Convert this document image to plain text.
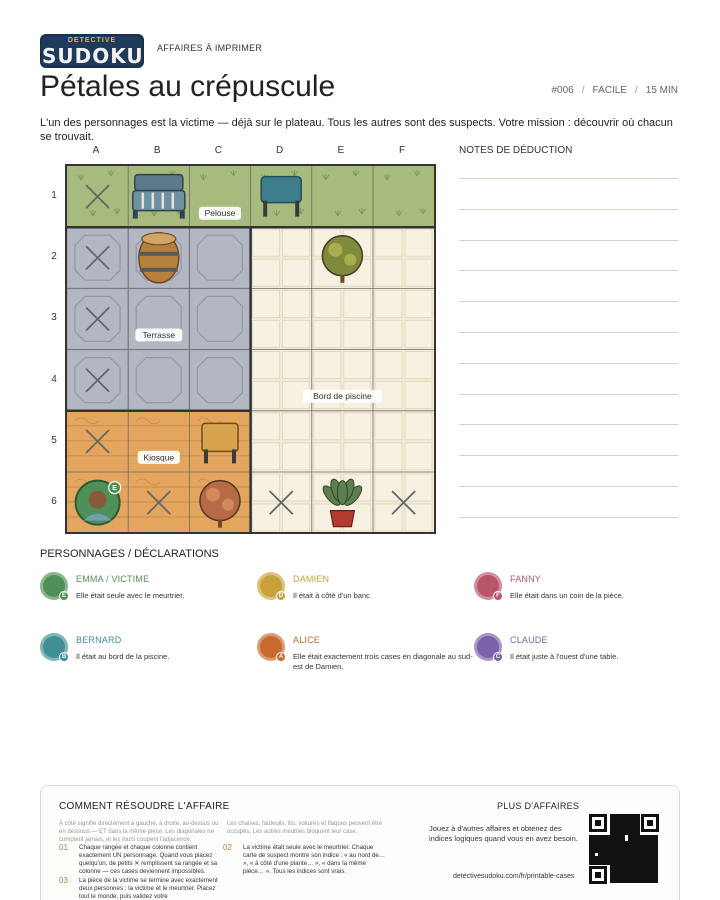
DETECTIVE
SUDOKU AFFAIRES À IMPRIMER
Pétales au crépuscule	#006 / FACILE / 15 MIN

L'un des personnages est la victime — déjà sur le plateau. Tous les autres sont des suspects. Votre mission : découvrir où chacun se trouvait.

A	B	C	D	E	F
1
2
3
4
5
6
E
Pelouse
Terrasse
Kiosque
Bord de piscine
NOTES DE DÉDUCTION
PERSONNAGES / DÉCLARATIONS
E
EMMA / VICTIME
Elle était seule avec le meurtrier.	D
DAMIEN
Il était à côté d'un banc.	F
FANNY
Elle était dans un coin de la pièce.
B
BERNARD
Il était au bord de la piscine.	A
ALICE
Elle était exactement trois cases en diagonale au sud-est de Damien.
C
CLAUDE
Il était juste à l'ouest d'une table.
COMMENT RÉSOUDRE L'AFFAIRE
À côté signifie directement à gauche, à droite, au-dessus ou en dessous — ET dans la même pièce. Les diagonales ne comptent jamais, et les murs coupent l'adjacence.
Les chaises, fauteuils, lits, voitures et flaques peuvent être occupés. Les autres meubles bloquent leur case.
01 Chaque rangée et chaque colonne contient exactement UN personnage. Quand vous placez quelqu'un, de petits ✕ remplissent sa rangée et sa colonne — ces cases deviennent impossibles.
02 La victime était seule avec le meurtrier. Chaque carte de suspect montre son indice : « au nord de… », « à côté d'une plante… », « dans la même pièce… ». Tous les indices sont vrais.
03 La pièce de la victime se termine avec exactement deux personnes : la victime et le meurtrier. Placez tout le monde, puis validez votre
PLUS D'AFFAIRES
Jouez à d'autres affaires et obtenez des indices logiques quand vous en avez besoin.
detectivesudoku.com/fr/printable-cases
